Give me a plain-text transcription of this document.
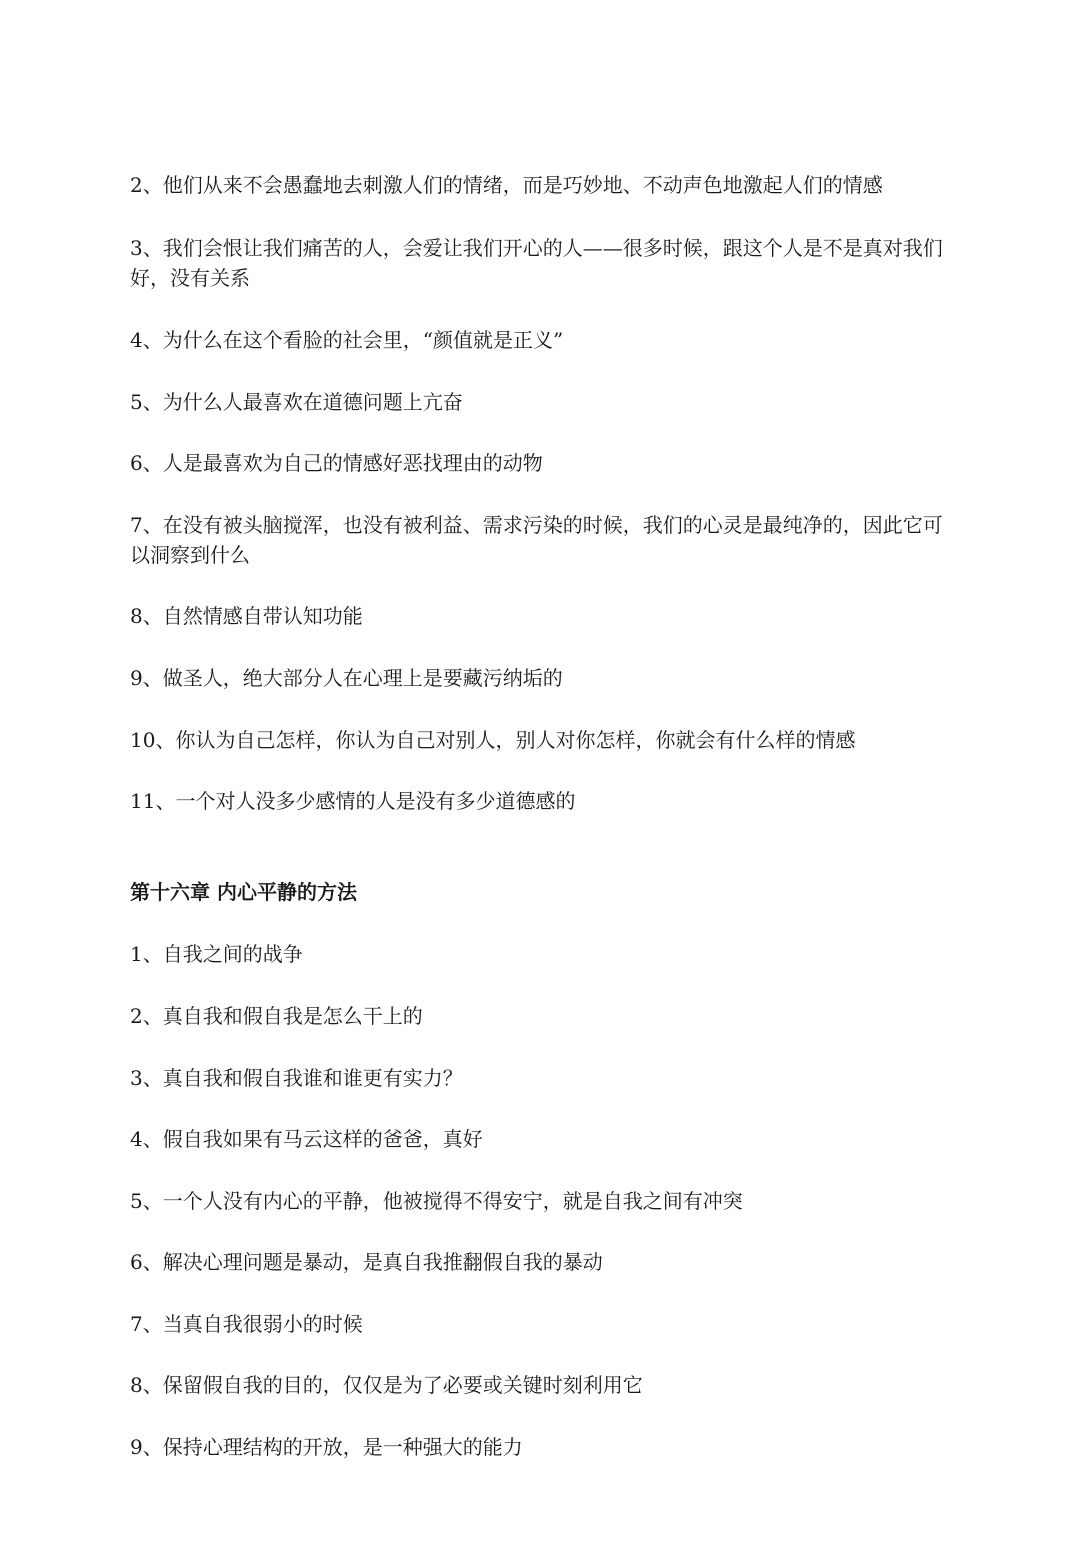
2、他们从来不会愚蠢地去刺激人们的情绪，而是巧妙地、不动声色地激起人们的情感

3、我们会恨让我们痛苦的人，会爱让我们开心的人——很多时候，跟这个人是不是真对我们好，没有关系

4、为什么在这个看脸的社会里，“颜值就是正义”

5、为什么人最喜欢在道德问题上亢奋

6、人是最喜欢为自己的情感好恶找理由的动物

7、在没有被头脑搅浑，也没有被利益、需求污染的时候，我们的心灵是最纯净的，因此它可以洞察到什么

8、自然情感自带认知功能

9、做圣人，绝大部分人在心理上是要藏污纳垢的

10、你认为自己怎样，你认为自己对别人，别人对你怎样，你就会有什么样的情感

11、一个对人没多少感情的人是没有多少道德感的

第十六章 内心平静的方法

1、自我之间的战争

2、真自我和假自我是怎么干上的

3、真自我和假自我谁和谁更有实力？

4、假自我如果有马云这样的爸爸，真好

5、一个人没有内心的平静，他被搅得不得安宁，就是自我之间有冲突

6、解决心理问题是暴动，是真自我推翻假自我的暴动

7、当真自我很弱小的时候

8、保留假自我的目的，仅仅是为了必要或关键时刻利用它

9、保持心理结构的开放，是一种强大的能力
